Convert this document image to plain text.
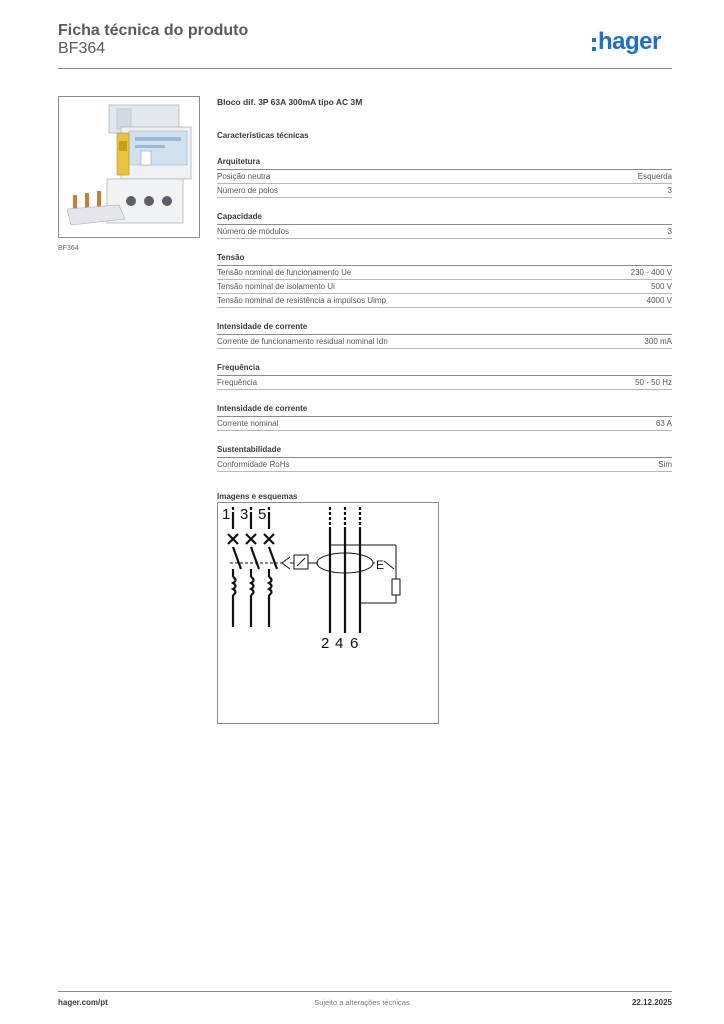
Ficha técnica do produto
BF364	hager
BF364
Bloco dif. 3P 63A 300mA tipo AC 3M
Características técnicas
Arquitetura
Posição neutra	Esquerda
Número de polos	3
Capacidade
Número de módulos	3
Tensão
Tensão nominal de funcionamento Ue	230 - 400 V
Tensão nominal de isolamento Ui	500 V
Tensão nominal de resistência a impulsos Uimp	4000 V
Intensidade de corrente
Corrente de funcionamento residual nominal Idn	300 mA
Frequência
Frequência	50 - 50 Hz
Intensidade de corrente
Corrente nominal	63 A
Sustentabilidade
Conformidade RoHs	Sim
Imagens e esquemas
E
1 3 5
2 4 6
hager.com/pt	Sujeito a alterações técnicas	22.12.2025
